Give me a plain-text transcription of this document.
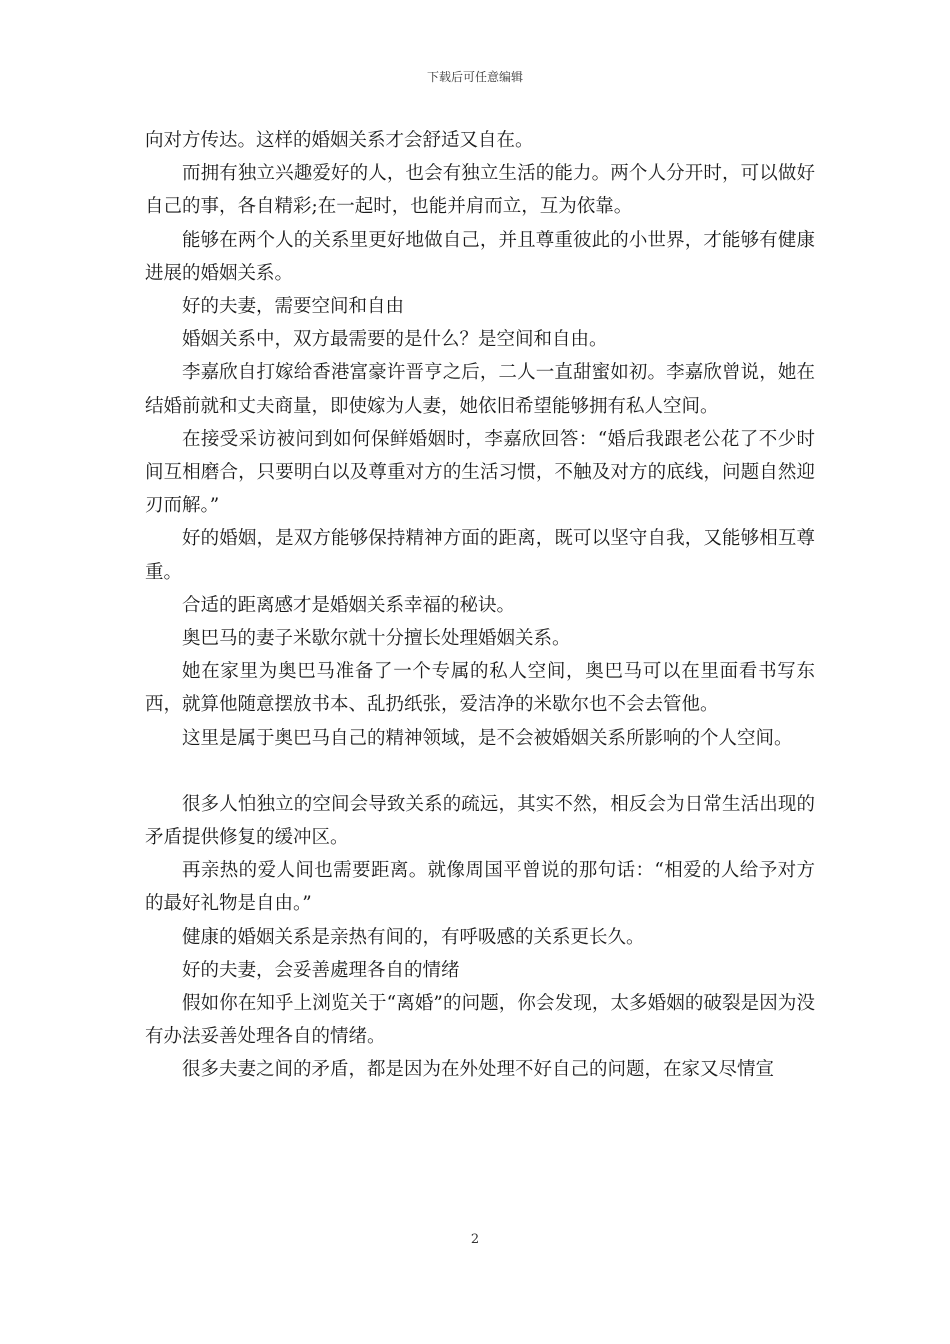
下载后可任意编辑

向对方传达。这样的婚姻关系才会舒适又自在。

而拥有独立兴趣爱好的人，也会有独立生活的能力。两个人分开时，可以做好自己的事，各自精彩;在一起时，也能并肩而立，互为依靠。

能够在两个人的关系里更好地做自己，并且尊重彼此的小世界，才能够有健康进展的婚姻关系。

好的夫妻，需要空间和自由

婚姻关系中，双方最需要的是什么？是空间和自由。

李嘉欣自打嫁给香港富豪许晋亨之后，二人一直甜蜜如初。李嘉欣曾说，她在结婚前就和丈夫商量，即使嫁为人妻，她依旧希望能够拥有私人空间。

在接受采访被问到如何保鲜婚姻时，李嘉欣回答：“婚后我跟老公花了不少时间互相磨合，只要明白以及尊重对方的生活习惯，不触及对方的底线，问题自然迎刃而解。”

好的婚姻，是双方能够保持精神方面的距离，既可以坚守自我，又能够相互尊重。

合适的距离感才是婚姻关系幸福的秘诀。

奥巴马的妻子米歇尔就十分擅长处理婚姻关系。

她在家里为奥巴马准备了一个专属的私人空间，奥巴马可以在里面看书写东西，就算他随意摆放书本、乱扔纸张，爱洁净的米歇尔也不会去管他。

这里是属于奥巴马自己的精神领域，是不会被婚姻关系所影响的个人空间。

很多人怕独立的空间会导致关系的疏远，其实不然，相反会为日常生活出现的矛盾提供修复的缓冲区。

再亲热的爱人间也需要距离。就像周国平曾说的那句话：“相爱的人给予对方的最好礼物是自由。”

健康的婚姻关系是亲热有间的，有呼吸感的关系更长久。

好的夫妻，会妥善處理各自的情绪

假如你在知乎上浏览关于“离婚”的问题，你会发现，太多婚姻的破裂是因为没有办法妥善处理各自的情绪。

很多夫妻之间的矛盾，都是因为在外处理不好自己的问题，在家又尽情宣

2
